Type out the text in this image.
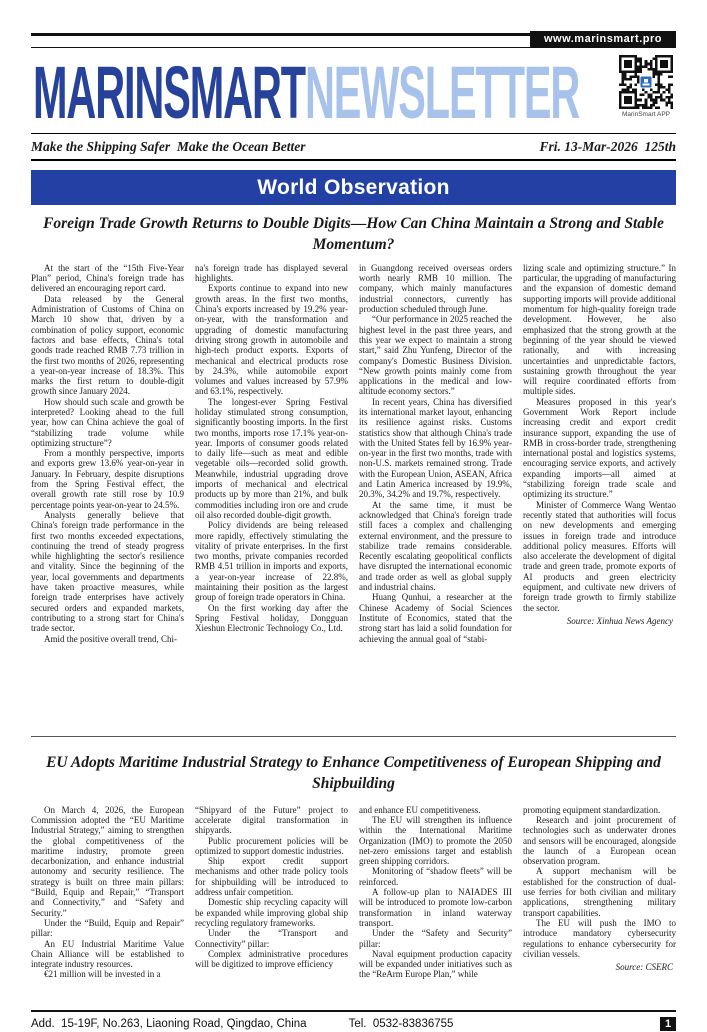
www.marinsmart.pro
MARINSMARTNEWSLETTER	MarinSmart APP
Make the Shipping Safer  Make the Ocean Better	Fri. 13-Mar-2026  125th
World Observation
Foreign Trade Growth Returns to Double Digits—How Can China Maintain a Strong and Stable Momentum?

At the start of the “15th Five-Year Plan” period, China's foreign trade has delivered an encouraging report card.

Data released by the General Administration of Customs of China on March 10 show that, driven by a combination of policy support, economic factors and base effects, China's total goods trade reached RMB 7.73 trillion in the first two months of 2026, representing a year-on-year increase of 18.3%. This marks the first return to double-digit growth since January 2024.

How should such scale and growth be interpreted? Looking ahead to the full year, how can China achieve the goal of “stabilizing trade volume while optimizing structure”?

From a monthly perspective, imports and exports grew 13.6% year-on-year in January. In February, despite disruptions from the Spring Festival effect, the overall growth rate still rose by 10.9 percentage points year-on-year to 24.5%.

Analysts generally believe that China's foreign trade performance in the first two months exceeded expectations, continuing the trend of steady progress while highlighting the sector's resilience and vitality. Since the beginning of the year, local governments and departments have taken proactive measures, while foreign trade enterprises have actively secured orders and expanded markets, contributing to a strong start for China's trade sector.

Amid the positive overall trend, Chi-

na's foreign trade has displayed several highlights.

Exports continue to expand into new growth areas. In the first two months, China's exports increased by 19.2% year-on-year, with the transformation and upgrading of domestic manufacturing driving strong growth in automobile and high-tech product exports. Exports of mechanical and electrical products rose by 24.3%, while automobile export volumes and values increased by 57.9% and 63.1%, respectively.

The longest-ever Spring Festival holiday stimulated strong consumption, significantly boosting imports. In the first two months, imports rose 17.1% year-on-year. Imports of consumer goods related to daily life—such as meat and edible vegetable oils—recorded solid growth. Meanwhile, industrial upgrading drove imports of mechanical and electrical products up by more than 21%, and bulk commodities including iron ore and crude oil also recorded double-digit growth.

Policy dividends are being released more rapidly, effectively stimulating the vitality of private enterprises. In the first two months, private companies recorded RMB 4.51 trillion in imports and exports, a year-on-year increase of 22.8%, maintaining their position as the largest group of foreign trade operators in China.

On the first working day after the Spring Festival holiday, Dongguan Xieshun Electronic Technology Co., Ltd.

in Guangdong received overseas orders worth nearly RMB 10 million. The company, which mainly manufactures industrial connectors, currently has production scheduled through June.

“Our performance in 2025 reached the highest level in the past three years, and this year we expect to maintain a strong start,” said Zhu Yunfeng, Director of the company's Domestic Business Division. “New growth points mainly come from applications in the medical and low-altitude economy sectors.”

In recent years, China has diversified its international market layout, enhancing its resilience against risks. Customs statistics show that although China's trade with the United States fell by 16.9% year-on-year in the first two months, trade with non-U.S. markets remained strong. Trade with the European Union, ASEAN, Africa and Latin America increased by 19.9%, 20.3%, 34.2% and 19.7%, respectively.

At the same time, it must be acknowledged that China's foreign trade still faces a complex and challenging external environment, and the pressure to stabilize trade remains considerable. Recently escalating geopolitical conflicts have disrupted the international economic and trade order as well as global supply and industrial chains.

Huang Qunhui, a researcher at the Chinese Academy of Social Sciences Institute of Economics, stated that the strong start has laid a solid foundation for achieving the annual goal of “stabi-

lizing scale and optimizing structure.” In particular, the upgrading of manufacturing and the expansion of domestic demand supporting imports will provide additional momentum for high-quality foreign trade development. However, he also emphasized that the strong growth at the beginning of the year should be viewed rationally, and with increasing uncertainties and unpredictable factors, sustaining growth throughout the year will require coordinated efforts from multiple sides.

Measures proposed in this year's Government Work Report include increasing credit and export credit insurance support, expanding the use of RMB in cross-border trade, strengthening international postal and logistics systems, encouraging service exports, and actively expanding imports—all aimed at “stabilizing foreign trade scale and optimizing its structure.”

Minister of Commerce Wang Wentao recently stated that authorities will focus on new developments and emerging issues in foreign trade and introduce additional policy measures. Efforts will also accelerate the development of digital trade and green trade, promote exports of AI products and green electricity equipment, and cultivate new drivers of foreign trade growth to firmly stabilize the sector.

Source: Xinhua News Agency

EU Adopts Maritime Industrial Strategy to Enhance Competitiveness of European Shipping and Shipbuilding

On March 4, 2026, the European Commission adopted the “EU Maritime Industrial Strategy,” aiming to strengthen the global competitiveness of the maritime industry, promote green decarbonization, and enhance industrial autonomy and security resilience. The strategy is built on three main pillars: “Build, Equip and Repair,” “Transport and Connectivity,” and “Safety and Security.”

Under the “Build, Equip and Repair” pillar:

An EU Industrial Maritime Value Chain Alliance will be established to integrate industry resources.

€21 million will be invested in a

“Shipyard of the Future” project to accelerate digital transformation in shipyards.

Public procurement policies will be optimized to support domestic industries.

Ship export credit support mechanisms and other trade policy tools for shipbuilding will be introduced to address unfair competition.

Domestic ship recycling capacity will be expanded while improving global ship recycling regulatory frameworks.

Under the “Transport and Connectivity” pillar:

Complex administrative procedures will be digitized to improve efficiency

and enhance EU competitiveness.

The EU will strengthen its influence within the International Maritime Organization (IMO) to promote the 2050 net-zero emissions target and establish green shipping corridors.

Monitoring of “shadow fleets” will be reinforced.

A follow-up plan to NAIADES III will be introduced to promote low-carbon transformation in inland waterway transport.

Under the “Safety and Security” pillar:

Naval equipment production capacity will be expanded under initiatives such as the “ReArm Europe Plan,” while

promoting equipment standardization.

Research and joint procurement of technologies such as underwater drones and sensors will be encouraged, alongside the launch of a European ocean observation program.

A support mechanism will be established for the construction of dual-use ferries for both civilian and military applications, strengthening military transport capabilities.

The EU will push the IMO to introduce mandatory cybersecurity regulations to enhance cybersecurity for civilian vessels.

Source: CSERC

Add.  15-19F, No.263, Liaoning Road, Qingdao, China	Tel.  0532-83836755	1
